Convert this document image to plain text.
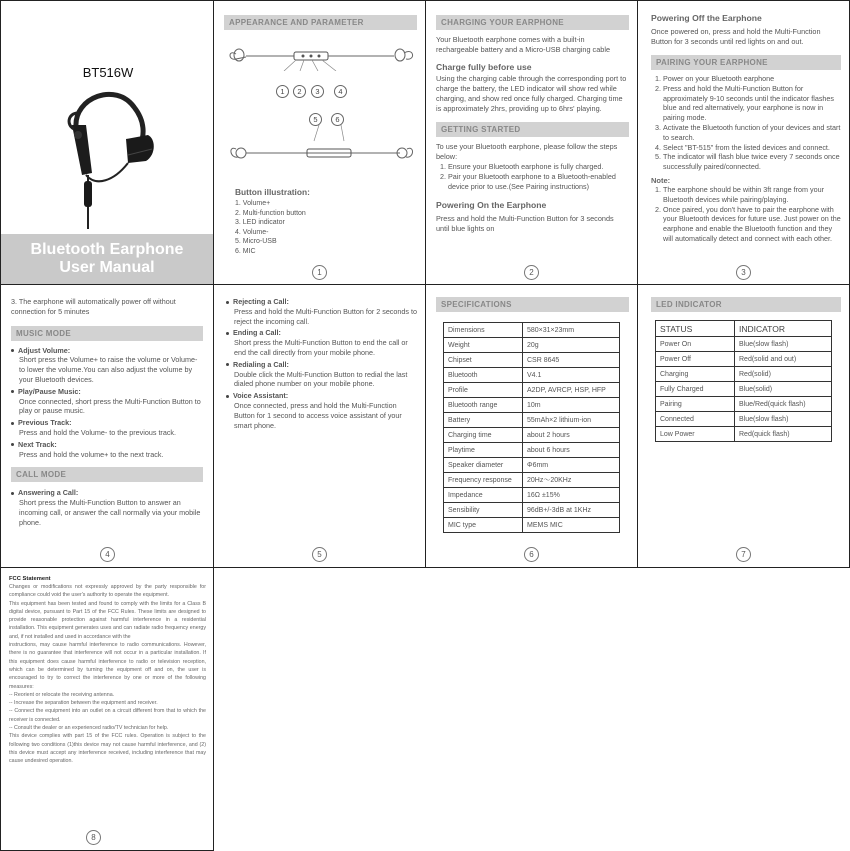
BT516W
Bluetooth Earphone
User Manual
APPEARANCE AND PARAMETER
1	2	3	4
5	6
Button illustration:
1. Volume+
2. Multi-function button
3. LED indicator
4. Volume-
5. Micro-USB
6. MIC
1
CHARGING YOUR EARPHONE
Your Bluetooth earphone comes with a built-in rechargeable battery and a Micro-USB charging cable
Charge fully before use
Using the charging cable through the corresponding port to charge the battery, the LED indicator will show red while charging, and show red once fully charged. Charging time is approximately 2hrs, providing up to 6hrs' playing.
GETTING STARTED
To use your Bluetooth earphone, please follow the steps below:
1. Ensure your Bluetooth earphone is fully charged.
2. Pair your Bluetooth earphone to a Bluetooth-enabled device prior to use.(See Pairing instructions)
Powering On the Earphone
Press and hold the Multi-Function Button for 3 seconds until blue lights on
2
Powering Off the Earphone
Once powered on, press and hold the Multi-Function Button for 3 seconds until red lights on and out.
PAIRING YOUR EARPHONE
1. Power on your Bluetooth earphone
2. Press and hold the Multi-Function Button for approximately 9-10 seconds until the indicator flashes blue and red alternatively, your earphone is now in pairing mode.
3. Activate the Bluetooth function of your devices and start to search.
4. Select "BT-515" from the listed devices and connect.
5. The indicator will flash blue twice every 7 seconds once successfully paired/connected.
Note:
1. The earphone should be within 3ft range from your Bluetooth devices while pairing/playing.
2. Once paired, you don't have to pair the earphone with your Bluetooth devices for future use. Just power on the earphone and enable the Bluetooth function and they will automatically detect and connect with each other.
3
3. The earphone will automatically power off without connection for 5 minutes
MUSIC MODE
Adjust Volume:
Short press the Volume+ to raise the volume or Volume- to lower the volume.You can also adjust the volume by your Bluetooth devices.
Play/Pause Music:
Once connected, short press the Multi-Function Button to play or pause music.
Previous Track:
Press and hold the Volume- to the previous track.
Next Track:
Press and hold the volume+ to the next track.
CALL MODE
Answering a Call:
Short press the Multi-Function Button to answer an incoming call, or answer the call normally via your mobile phone.
4
Rejecting a Call:
Press and hold the Multi-Function Button for 2 seconds to reject the incoming call.
Ending a Call:
Short press the Multi-Function Button to end the call or end the call directly from your mobile phone.
Redialing a Call:
Double click the Multi-Function Button to redial the last dialed phone number on your mobile phone.
Voice Assistant:
Once connected, press and hold the Multi-Function Button for 1 second to access voice assistant of your smart phone.
5
SPECIFICATIONS
Dimensions	580×31×23mm
Weight	20g
Chipset	CSR 8645
Bluetooth	V4.1
Profile	A2DP, AVRCP, HSP, HFP
Bluetooth range	10m
Battery	55mAh×2 lithium-ion
Charging time	about 2 hours
Playtime	about 6 hours
Speaker diameter	Φ6mm
Frequency response	20Hz～20KHz
Impedance	16Ω ±15%
Sensibility	96dB+/-3dB at 1KHz
MIC type	MEMS MIC
6
LED INDICATOR
STATUS	INDICATOR
Power On	Blue(slow flash)
Power Off	Red(solid and out)
Charging	Red(solid)
Fully Charged	Blue(solid)
Pairing	Blue/Red(quick flash)
Connected	Blue(slow flash)
Low Power	Red(quick flash)
7
FCC Statement

Changes or modifications not expressly approved by the party responsible for compliance could void the user's authority to operate the equipment.

This equipment has been tested and found to comply with the limits for a Class B digital device, pursuant to Part 15 of the FCC Rules. These limits are designed to provide reasonable protection against harmful interference in a residential installation. This equipment generates uses and can radiate radio frequency energy and, if not installed and used in accordance with the

instructions, may cause harmful interference to radio communications. However, there is no guarantee that interference will not occur in a particular installation. If this equipment does cause harmful interference to radio or television reception, which can be determined by turning the equipment off and on, the user is encouraged to try to correct the interference by one or more of the following measures:

-- Reorient or relocate the receiving antenna.

-- Increase the separation between the equipment and receiver.

-- Connect the equipment into an outlet on a circuit different from that to which the receiver is connected.

-- Consult the dealer or an experienced radio/TV technician for help.

This device complies with part 15 of the FCC rules. Operation is subject to the following two conditions (1)this device may not cause harmful interference, and (2) this device must accept any interference received, including interference that may cause undesired operation.

8
